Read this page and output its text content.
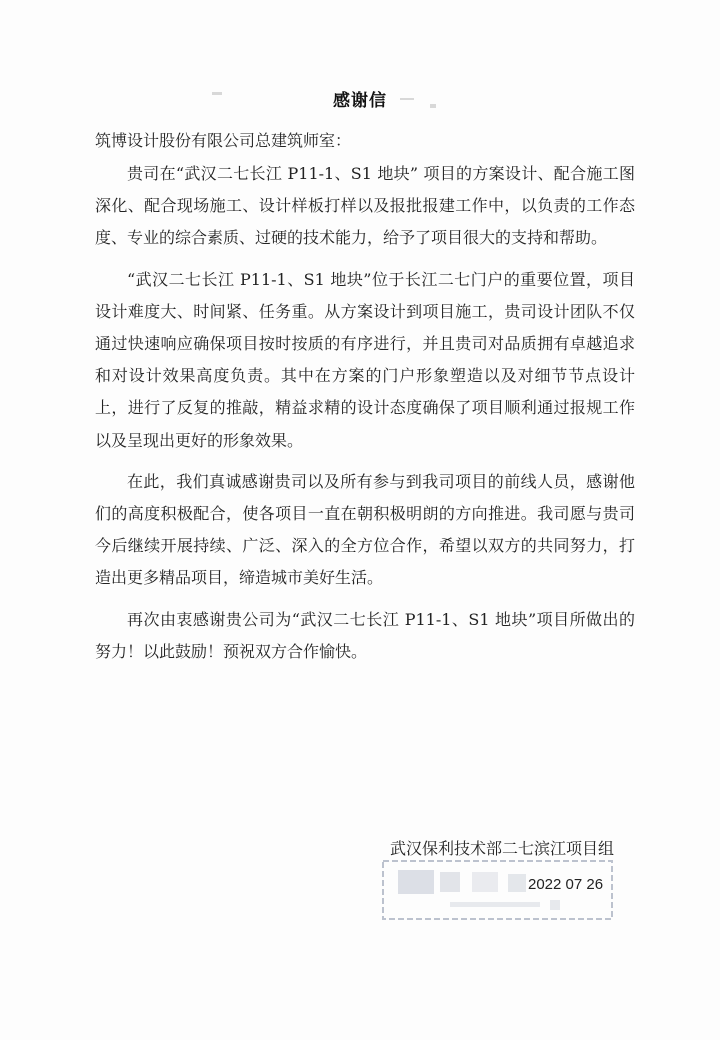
感谢信
筑博设计股份有限公司总建筑师室：

贵司在“武汉二七长江 P11-1、S1 地块” 项目的方案设计、配合施工图深化、配合现场施工、设计样板打样以及报批报建工作中，以负责的工作态度、专业的综合素质、过硬的技术能力，给予了项目很大的支持和帮助。

“武汉二七长江 P11-1、S1 地块”位于长江二七门户的重要位置，项目设计难度大、时间紧、任务重。从方案设计到项目施工，贵司设计团队不仅通过快速响应确保项目按时按质的有序进行，并且贵司对品质拥有卓越追求和对设计效果高度负责。其中在方案的门户形象塑造以及对细节节点设计上，进行了反复的推敲，精益求精的设计态度确保了项目顺利通过报规工作以及呈现出更好的形象效果。

在此，我们真诚感谢贵司以及所有参与到我司项目的前线人员，感谢他们的高度积极配合，使各项目一直在朝积极明朗的方向推进。我司愿与贵司今后继续开展持续、广泛、深入的全方位合作，希望以双方的共同努力，打造出更多精品项目，缔造城市美好生活。

再次由衷感谢贵公司为“武汉二七长江 P11-1、S1 地块”项目所做出的努力！以此鼓励！预祝双方合作愉快。

武汉保利技术部二七滨江项目组
2022 07 26
